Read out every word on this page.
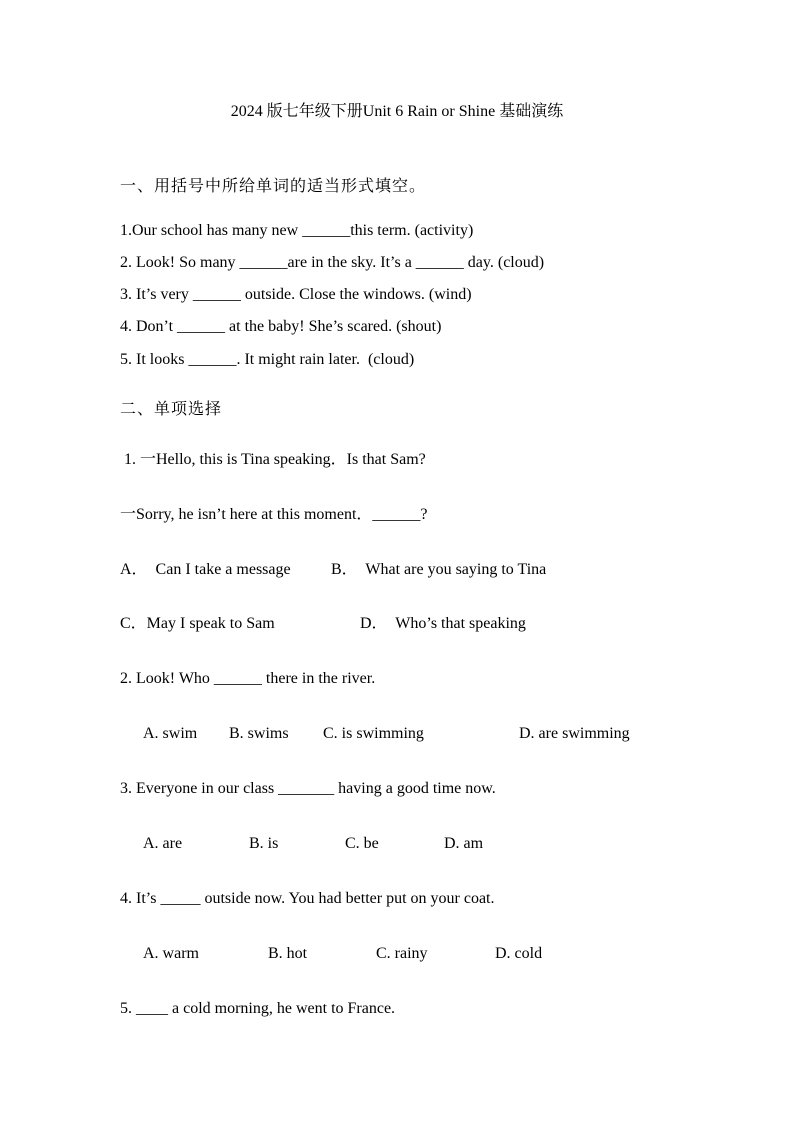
2024 版七年级下册Unit 6 Rain or Shine 基础演练
一、用括号中所给单词的适当形式填空。
1.Our school has many new ______this term. (activity)
2. Look! So many ______are in the sky. It’s a ______ day. (cloud)
3. It’s very ______ outside. Close the windows. (wind)
4. Don’t ______ at the baby! She’s scared. (shout)
5. It looks ______. It might rain later.  (cloud)
二、单项选择
1. 一Hello, this is Tina speaking．Is that Sam?
一Sorry, he isn’t here at this moment．______?
A．  Can I take a message	B．  What are you saying to Tina
C．May I speak to Sam	D．  Who’s that speaking
2. Look! Who ______ there in the river.
A. swim B. swims C. is swimming	D. are swimming
3. Everyone in our class _______ having a good time now.
A. are	B. is	C. be	D. am
4. It’s _____ outside now. You had better put on your coat.
A. warm	B. hot	C. rainy	D. cold
5. ____ a cold morning, he went to France.
